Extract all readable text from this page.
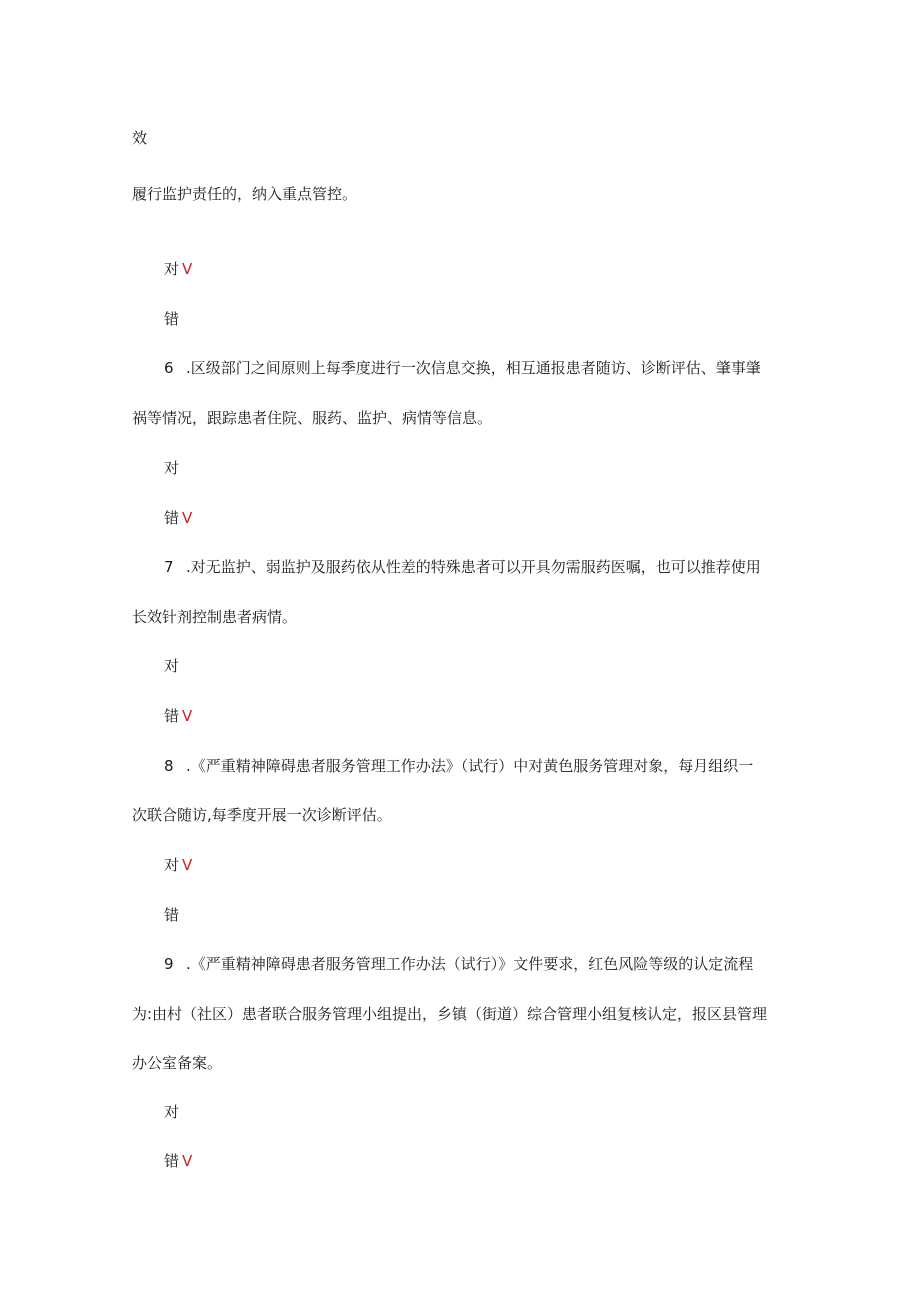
效
履行监护责任的，纳入重点管控。
对 V
错
6 .区级部门之间原则上每季度进行一次信息交换，相互通报患者随访、诊断评估、肇事肇
祸等情况，跟踪患者住院、服药、监护、病情等信息。
对
错 V
7 .对无监护、弱监护及服药依从性差的特殊患者可以开具勿需服药医嘱，也可以推荐使用
长效针剂控制患者病情。
对
错 V
8 .《严重精神障碍患者服务管理工作办法》（试行）中对黄色服务管理对象，每月组织一
次联合随访,每季度开展一次诊断评估。
对 V
错
9 .《严重精神障碍患者服务管理工作办法（试行）》文件要求，红色风险等级的认定流程
为:由村（社区）患者联合服务管理小组提出，乡镇（街道）综合管理小组复核认定，报区县管理
办公室备案。
对
错 V
